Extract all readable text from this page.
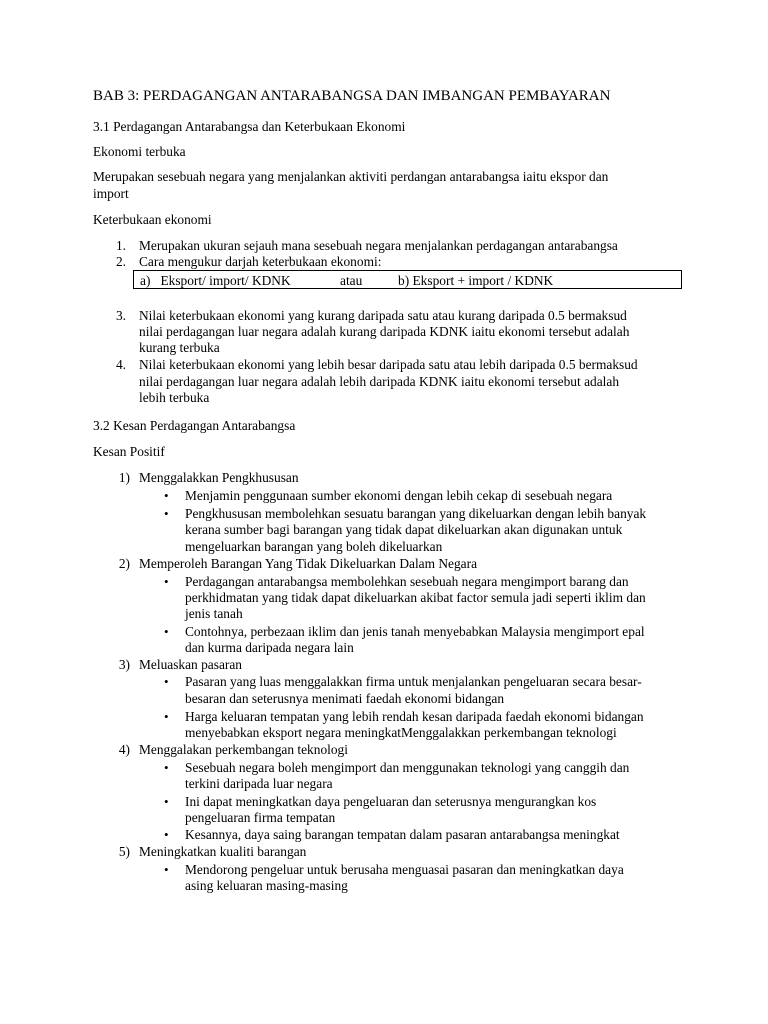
BAB 3: PERDAGANGAN ANTARABANGSA DAN IMBANGAN PEMBAYARAN
3.1 Perdagangan Antarabangsa dan Keterbukaan Ekonomi
Ekonomi terbuka
Merupakan sesebuah negara yang menjalankan aktiviti perdangan antarabangsa iaitu ekspor dan
import
Keterbukaan ekonomi
1. Merupakan ukuran sejauh mana sesebuah negara menjalankan perdagangan antarabangsa
2. Cara mengukur darjah keterbukaan ekonomi:
a)   Eksport/ import/ KDNK	atau	b) Eksport + import / KDNK
3. Nilai keterbukaan ekonomi yang kurang daripada satu atau kurang daripada 0.5 bermaksud
nilai perdagangan luar negara adalah kurang daripada KDNK iaitu ekonomi tersebut adalah
kurang terbuka
4. Nilai keterbukaan ekonomi yang lebih besar daripada satu atau lebih daripada 0.5 bermaksud
nilai perdagangan luar negara adalah lebih daripada KDNK iaitu ekonomi tersebut adalah
lebih terbuka
3.2 Kesan Perdagangan Antarabangsa
Kesan Positif
1) Menggalakkan Pengkhususan
• Menjamin penggunaan sumber ekonomi dengan lebih cekap di sesebuah negara
• Pengkhususan membolehkan sesuatu barangan yang dikeluarkan dengan lebih banyak
kerana sumber bagi barangan yang tidak dapat dikeluarkan akan digunakan untuk
mengeluarkan barangan yang boleh dikeluarkan
2) Memperoleh Barangan Yang Tidak Dikeluarkan Dalam Negara
• Perdagangan antarabangsa membolehkan sesebuah negara mengimport barang dan
perkhidmatan yang tidak dapat dikeluarkan akibat factor semula jadi seperti iklim dan
jenis tanah
• Contohnya, perbezaan iklim dan jenis tanah menyebabkan Malaysia mengimport epal
dan kurma daripada negara lain
3) Meluaskan pasaran
• Pasaran yang luas menggalakkan firma untuk menjalankan pengeluaran secara besar-
besaran dan seterusnya menimati faedah ekonomi bidangan
• Harga keluaran tempatan yang lebih rendah kesan daripada faedah ekonomi bidangan
menyebabkan eksport negara meningkatMenggalakkan perkembangan teknologi
4) Menggalakan perkembangan teknologi
• Sesebuah negara boleh mengimport dan menggunakan teknologi yang canggih dan
terkini daripada luar negara
• Ini dapat meningkatkan daya pengeluaran dan seterusnya mengurangkan kos
pengeluaran firma tempatan
• Kesannya, daya saing barangan tempatan dalam pasaran antarabangsa meningkat
5) Meningkatkan kualiti barangan
• Mendorong pengeluar untuk berusaha menguasai pasaran dan meningkatkan daya
asing keluaran masing-masing
